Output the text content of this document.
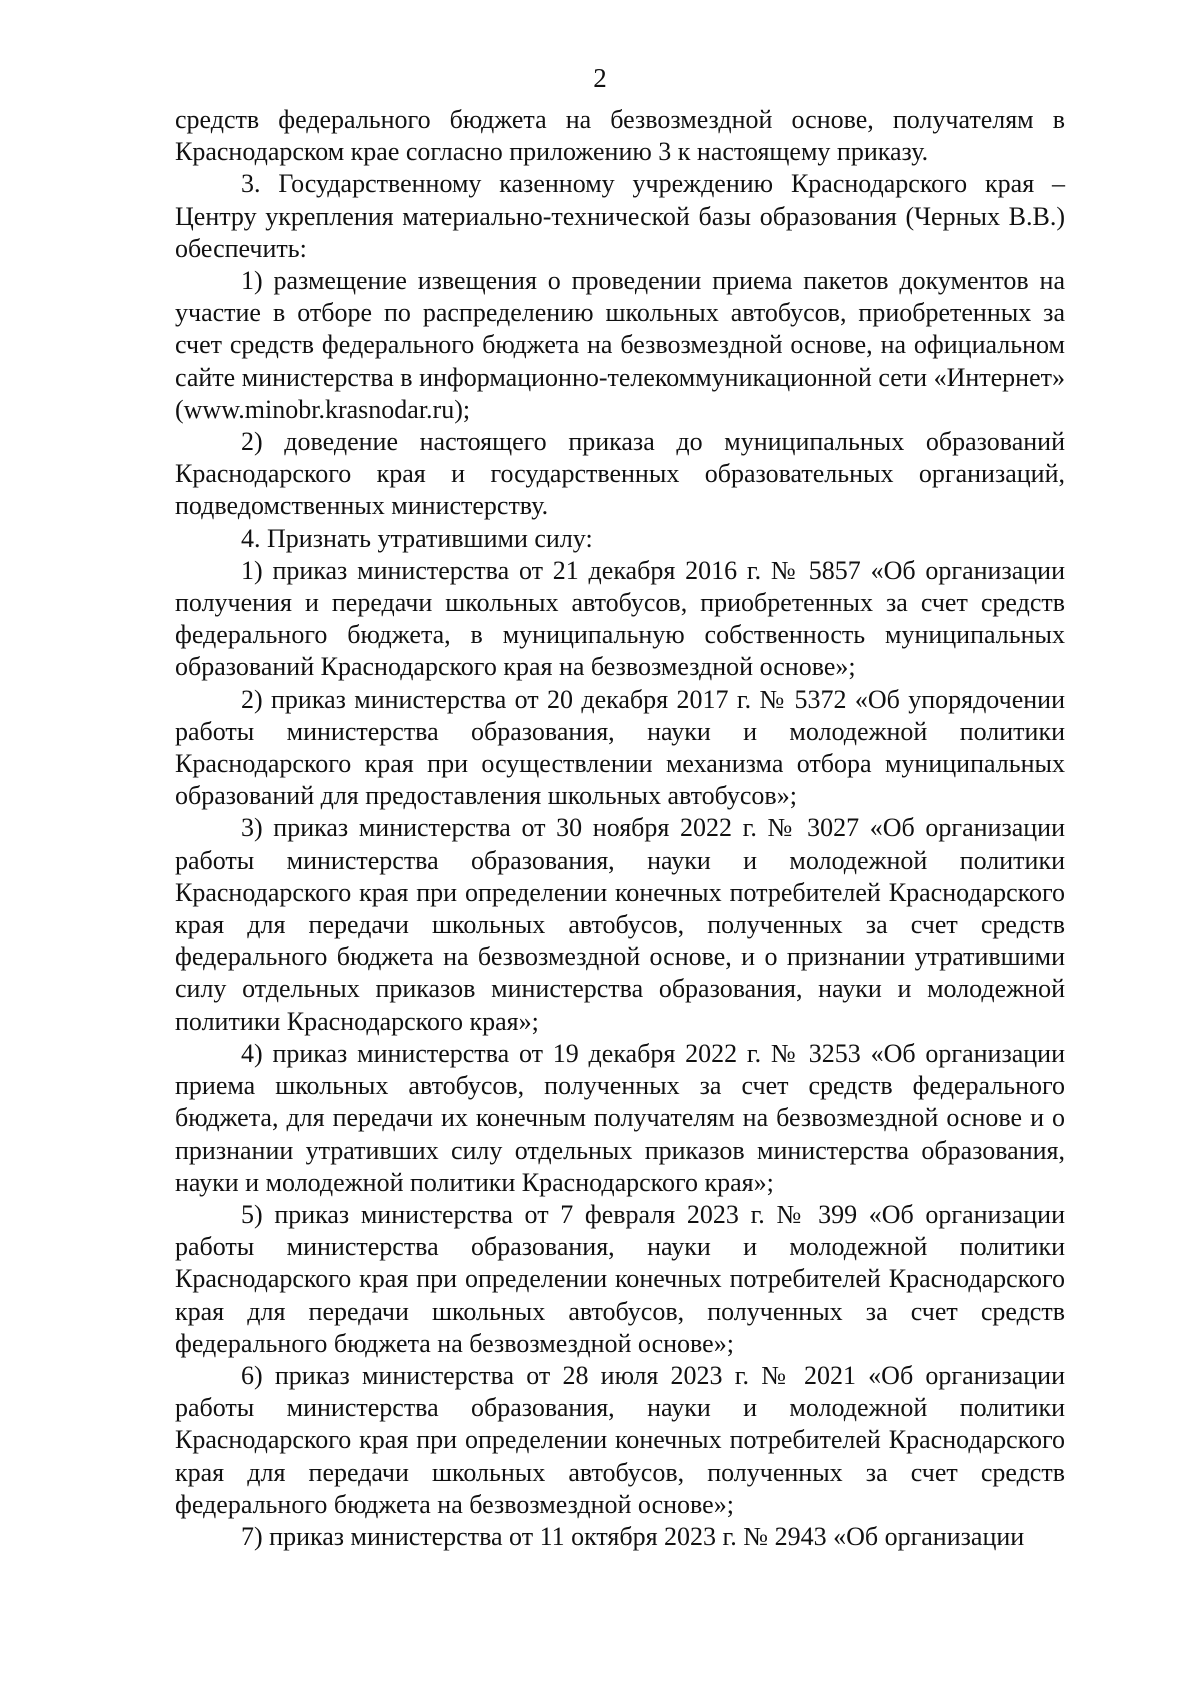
2

средств федерального бюджета на безвозмездной основе, получателям в Краснодарском крае согласно приложению 3 к настоящему приказу.

3. Государственному казенному учреждению Краснодарского края – Центру укрепления материально-технической базы образования (Черных В.В.) обеспечить:

1) размещение извещения о проведении приема пакетов документов на участие в отборе по распределению школьных автобусов, приобретенных за счет средств федерального бюджета на безвозмездной основе, на официальном сайте министерства в информационно-телекоммуникационной сети «Интернет» (www.minobr.krasnodar.ru);

2) доведение настоящего приказа до муниципальных образований Краснодарского края и государственных образовательных организаций, подведомственных министерству.

4. Признать утратившими силу:

1) приказ министерства от 21 декабря 2016 г. № 5857 «Об организации получения и передачи школьных автобусов, приобретенных за счет средств федерального бюджета, в муниципальную собственность муниципальных образований Краснодарского края на безвозмездной основе»;

2) приказ министерства от 20 декабря 2017 г. № 5372 «Об упорядочении работы министерства образования, науки и молодежной политики Краснодарского края при осуществлении механизма отбора муниципальных образований для предоставления школьных автобусов»;

3) приказ министерства от 30 ноября 2022 г. № 3027 «Об организации работы министерства образования, науки и молодежной политики Краснодарского края при определении конечных потребителей Краснодарского края для передачи школьных автобусов, полученных за счет средств федерального бюджета на безвозмездной основе, и о признании утратившими силу отдельных приказов министерства образования, науки и молодежной политики Краснодарского края»;

4) приказ министерства от 19 декабря 2022 г. № 3253 «Об организации приема школьных автобусов, полученных за счет средств федерального бюджета, для передачи их конечным получателям на безвозмездной основе и о признании утративших силу отдельных приказов министерства образования, науки и молодежной политики Краснодарского края»;

5) приказ министерства от 7 февраля 2023 г. № 399 «Об организации работы министерства образования, науки и молодежной политики Краснодарского края при определении конечных потребителей Краснодарского края для передачи школьных автобусов, полученных за счет средств федерального бюджета на безвозмездной основе»;

6) приказ министерства от 28 июля 2023 г. № 2021 «Об организации работы министерства образования, науки и молодежной политики Краснодарского края при определении конечных потребителей Краснодарского края для передачи школьных автобусов, полученных за счет средств федерального бюджета на безвозмездной основе»;

7) приказ министерства от 11 октября 2023 г. № 2943 «Об организации
